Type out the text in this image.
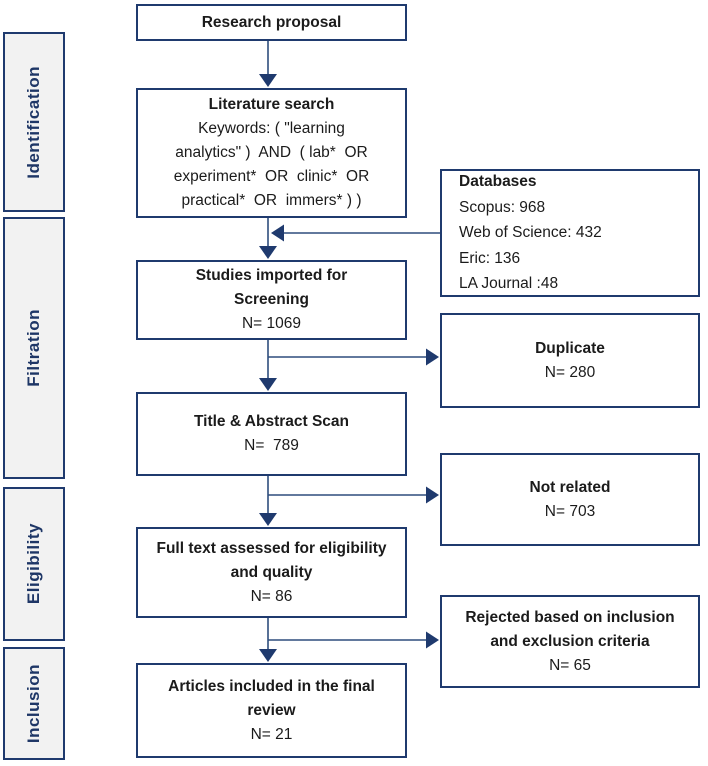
Identification
Filtration
Eligibility
Inclusion
Research proposal
Literature search
Keywords: ( "learning
analytics" )  AND  ( lab*  OR
experiment*  OR  clinic*  OR
practical*  OR  immers* ) )
Studies imported for
Screening
N= 1069
Title & Abstract Scan
N=  789
Full text assessed for eligibility
and quality
N= 86
Articles included in the final
review
N= 21
Databases
Scopus: 968
Web of Science: 432
Eric: 136
LA Journal :48
Duplicate
N= 280
Not related
N= 703
Rejected based on inclusion
and exclusion criteria
N= 65
